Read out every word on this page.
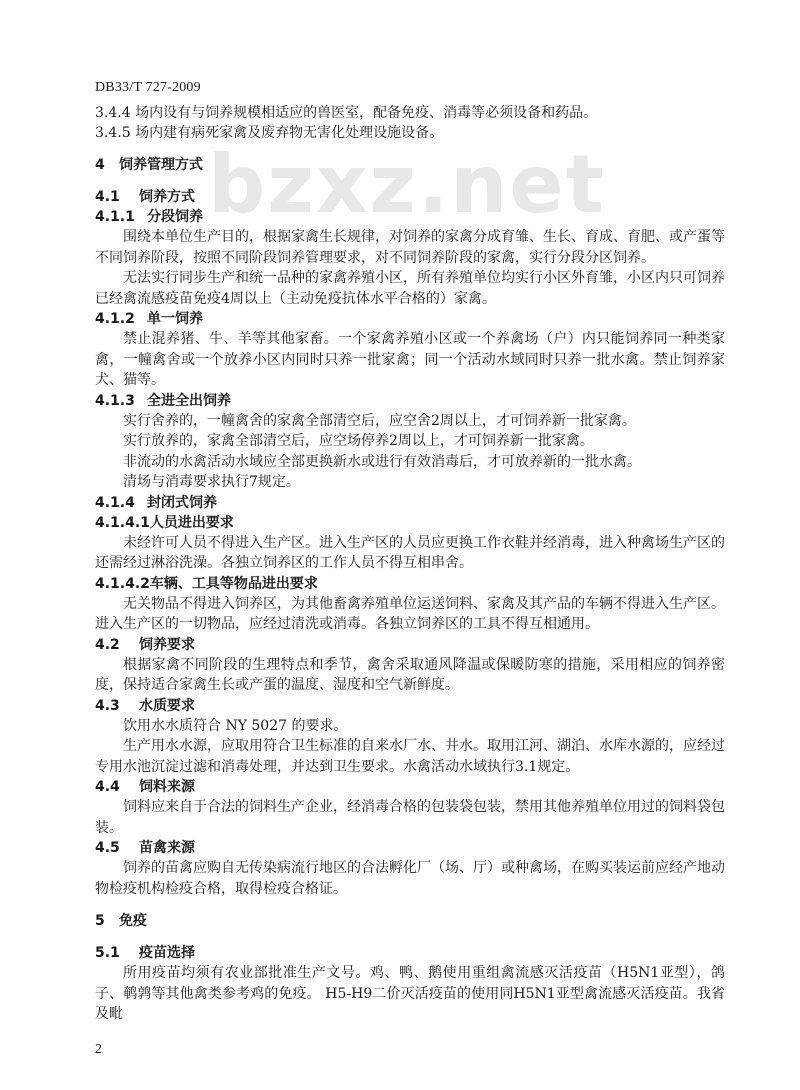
bzxz.net
DB33/T 727-2009
3.4.4 场内设有与饲养规模相适应的兽医室，配备免疫、消毒等必须设备和药品。
3.4.5 场内建有病死家禽及废弃物无害化处理设施设备。
4 饲养管理方式
4.1 饲养方式
4.1.1 分段饲养

围绕本单位生产目的，根据家禽生长规律，对饲养的家禽分成育雏、生长、育成、育肥、或产蛋等不同饲养阶段，按照不同阶段饲养管理要求，对不同饲养阶段的家禽，实行分段分区饲养。

无法实行同步生产和统一品种的家禽养殖小区，所有养殖单位均实行小区外育雏，小区内只可饲养已经禽流感疫苗免疫4周以上（主动免疫抗体水平合格的）家禽。

4.1.2 单一饲养

禁止混养猪、牛、羊等其他家畜。一个家禽养殖小区或一个养禽场（户）内只能饲养同一种类家禽，一幢禽舍或一个放养小区内同时只养一批家禽；同一个活动水域同时只养一批水禽。禁止饲养家犬、猫等。

4.1.3 全进全出饲养

实行舍养的，一幢禽舍的家禽全部清空后，应空舍2周以上，才可饲养新一批家禽。

实行放养的，家禽全部清空后，应空场停养2周以上，才可饲养新一批家禽。

非流动的水禽活动水域应全部更换新水或进行有效消毒后，才可放养新的一批水禽。

清场与消毒要求执行7规定。

4.1.4 封闭式饲养
4.1.4.1人员进出要求

未经许可人员不得进入生产区。进入生产区的人员应更换工作衣鞋并经消毒，进入种禽场生产区的还需经过淋浴洗澡。各独立饲养区的工作人员不得互相串舍。

4.1.4.2车辆、工具等物品进出要求

无关物品不得进入饲养区，为其他畜禽养殖单位运送饲料、家禽及其产品的车辆不得进入生产区。进入生产区的一切物品，应经过清洗或消毒。各独立饲养区的工具不得互相通用。

4.2 饲养要求

根据家禽不同阶段的生理特点和季节，禽舍采取通风降温或保暖防寒的措施，采用相应的饲养密度，保持适合家禽生长或产蛋的温度、湿度和空气新鲜度。

4.3 水质要求

饮用水水质符合 NY 5027 的要求。

生产用水水源，应取用符合卫生标准的自来水厂水、井水。取用江河、湖泊、水库水源的，应经过专用水池沉淀过滤和消毒处理，并达到卫生要求。水禽活动水域执行3.1规定。

4.4 饲料来源

饲料应来自于合法的饲料生产企业，经消毒合格的包装袋包装，禁用其他养殖单位用过的饲料袋包装。

4.5 苗禽来源

饲养的苗禽应购自无传染病流行地区的合法孵化厂（场、厅）或种禽场，在购买装运前应经产地动物检疫机构检疫合格，取得检疫合格证。

5 免疫
5.1 疫苗选择

所用疫苗均须有农业部批准生产文号。鸡、鸭、鹅使用重组禽流感灭活疫苗（H5N1亚型），鸽子、鹌鹑等其他禽类参考鸡的免疫。 H5-H9二价灭活疫苗的使用同H5N1亚型禽流感灭活疫苗。我省及毗

2
